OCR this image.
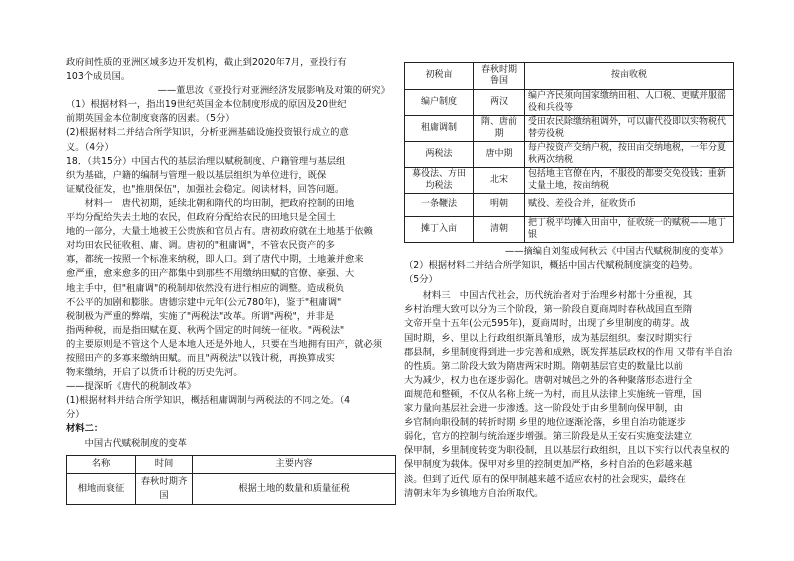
政府间性质的亚洲区域多边开发机构，截止到2020年7月，亚投行有

103个成员国。

——董思汝《亚投行对亚洲经济发展影响及对策的研究》

（1）根据材料一，指出19世纪英国金本位制度形成的原因及20世纪

前期英国金本位制度衰落的因素。（5分）

(2)根据材料二并结合所学知识，分析亚洲基础设施投资银行成立的意

义。（4分）

18．（共15分）中国古代的基层治理以赋税制度、户籍管理与基层组

织为基础，户籍的编制与管理一般以基层组织为单位进行，既保

证赋役征发，也"推朋保伍"，加强社会稳定。阅读材料，回答问题。

材料一　唐代初期，延续北朝和隋代的均田制，把政府控制的田地

平均分配给失去土地的农民，但政府分配给农民的田地只是全国土

地的一部分，大量土地被王公贵族和官员占有。唐初政府就在土地基于依赖

对均田农民征收租、庸、调。唐初的"租庸调"，不管农民资产的多

寡，都统一按照一个标准来纳税，即人口。到了唐代中期，土地兼并愈来

愈严重，愈来愈多的田产都集中到那些不用缴纳田赋的官僚、豪强、大

地主手中，但"租庸调"的税制却依然没有进行相应的调整。造成税负

不公平的加剧和膨胀。唐德宗建中元年(公元780年)，鉴于"租庸调"

税制极为严重的弊端，实施了"两税法"改革。所谓"两税"，并非是

指两种税，而是指田赋在夏、秋两个固定的时间统一征收。"两税法"

的主要原则是不管这个人是本地人还是外地人，只要在当地拥有田产，就必须

按照田产的多寡来缴纳田赋。而且"两税法"以钱计税，再换算成实

物来缴纳，开启了以货币计税的历史先河。

——提深昕《唐代的税制改革》

(1)根据材料并结合所学知识，概括租庸调制与两税法的不同之处。（4

分）

材料二：

中国古代赋税制度的变革

名称	时间	主要内容
相地而衰征	春秋时期齐国	根据土地的数量和质量征税
初税亩	春秋时期鲁国	按亩收税
编户制度	两汉	编户齐民须向国家缴纳田租、人口税、更赋并服徭役和兵役等
租庸调制	隋、唐前期	受田农民除缴纳租调外，可以庸代役即以实物税代替劳役税
两税法	唐中期	每户按资产交纳户税，按田亩交纳地税，一年分夏秋两次纳税
募役法、方田均税法	北宋	包括地主官僚在内，不服役的都要交免役钱；重新丈量土地，按亩纳税
一条鞭法	明朝	赋役、差役合并，征收货币
摊丁入亩	清朝	把丁税平均摊入田亩中，征收统一的赋税——地丁银

——摘编自刘玺成何秋云《中国古代赋税制度的变革》

（2）根据材料二并结合所学知识，概括中国古代赋税制度演变的趋势。

（5分）

材料三　中国古代社会，历代统治者对于治理乡村都十分重视，其

乡村治理大致可以分为三个阶段，第一阶段自夏商周时春秋战国直至隋

文帝开皇十五年(公元595年)，夏商周时，出现了乡里制度的萌芽。战

国时期，乡、里以上行政组织渐具雏形，成为基层组织。秦汉时期实行

郡县制，乡里制度得到进一步完善和成熟，既发挥基层政权的作用 又带有半自治

的性质。第二阶段大致为隋唐两宋时期。隋朝基层官吏的数量比以前

大为减少，权力也在逐步弱化。唐朝对城邑之外的各种聚落形态进行全

面规范和整顿，不仅从名称上统一为村，而且从法律上实施统一管理，国

家力量向基层社会进一步渗透。这一阶段处于由乡里制向保甲制，由

乡官制向职役制的转折时期 乡里的地位逐渐沦落，乡里自治功能逐步

弱化，官方的控制与统治逐步增强。第三阶段是从王安石实施变法建立

保甲制，乡里制度转变为职役制，且以基层行政组织，且以下实行以代表皇权的

保甲制度为载体。保甲对乡里的控制更加严格，乡村自治的色彩越来越

淡。但到了近代 原有的保甲制越来越不适应农村的社会现实，最终在

清朝末年为乡镇地方自治所取代。
